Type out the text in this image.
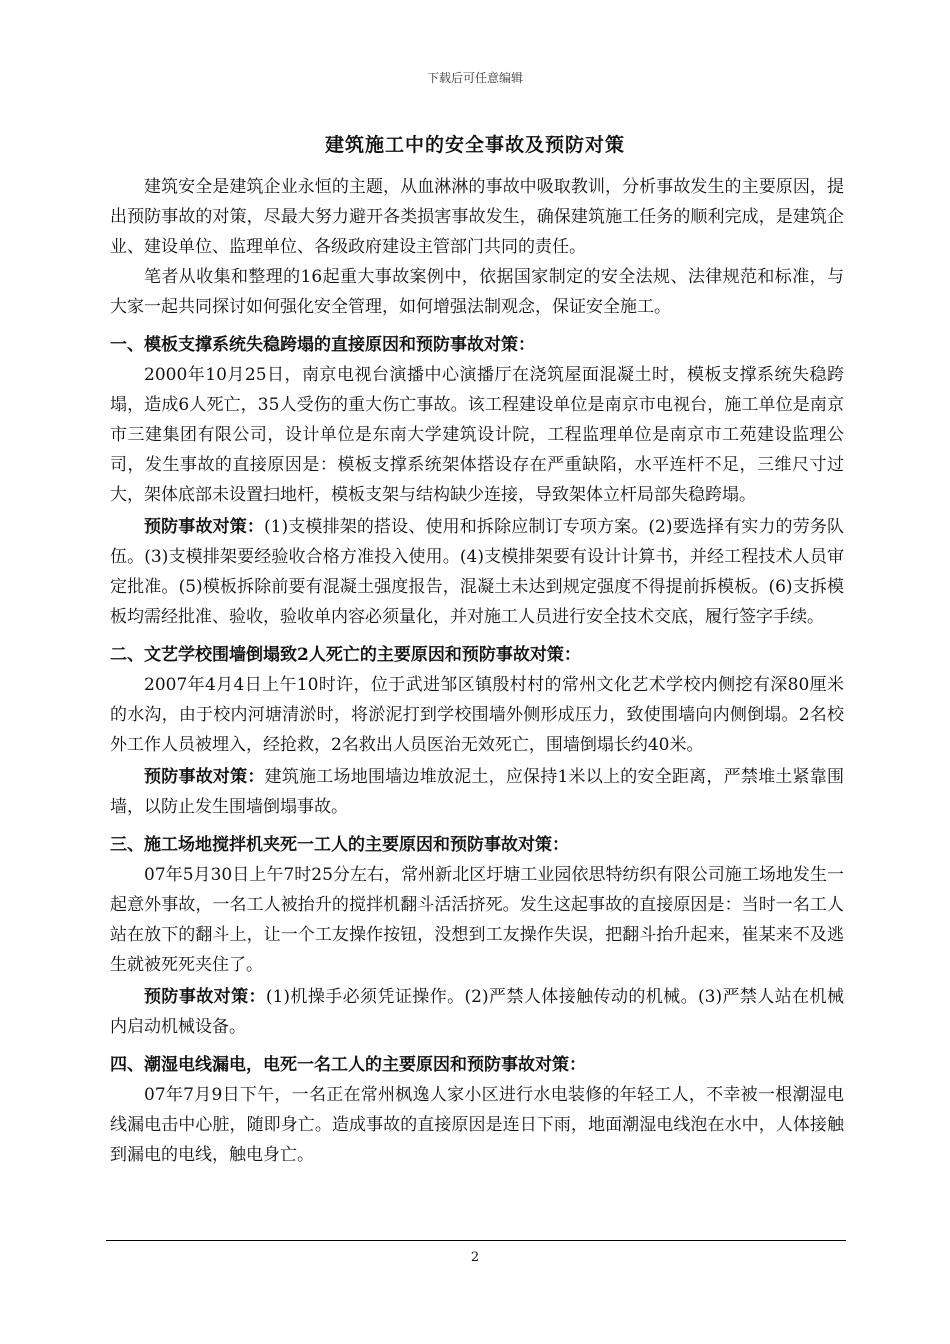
下载后可任意编辑
建筑施工中的安全事故及预防对策

建筑安全是建筑企业永恒的主题，从血淋淋的事故中吸取教训，分析事故发生的主要原因，提出预防事故的对策，尽最大努力避开各类损害事故发生，确保建筑施工任务的顺利完成，是建筑企业、建设单位、监理单位、各级政府建设主管部门共同的责任。

笔者从收集和整理的16起重大事故案例中，依据国家制定的安全法规、法律规范和标准，与大家一起共同探讨如何强化安全管理，如何增强法制观念，保证安全施工。

一、模板支撑系统失稳跨塌的直接原因和预防事故对策：

2000年10月25日，南京电视台演播中心演播厅在浇筑屋面混凝土时，模板支撑系统失稳跨塌，造成6人死亡，35人受伤的重大伤亡事故。该工程建设单位是南京市电视台，施工单位是南京市三建集团有限公司，设计单位是东南大学建筑设计院，工程监理单位是南京市工苑建设监理公司，发生事故的直接原因是：模板支撑系统架体搭设存在严重缺陷，水平连杆不足，三维尺寸过大，架体底部未设置扫地杆，模板支架与结构缺少连接，导致架体立杆局部失稳跨塌。

预防事故对策：(1)支模排架的搭设、使用和拆除应制订专项方案。(2)要选择有实力的劳务队伍。(3)支模排架要经验收合格方准投入使用。(4)支模排架要有设计计算书，并经工程技术人员审定批准。(5)模板拆除前要有混凝土强度报告，混凝土未达到规定强度不得提前拆模板。(6)支拆模板均需经批准、验收，验收单内容必须量化，并对施工人员进行安全技术交底，履行签字手续。

二、文艺学校围墙倒塌致2人死亡的主要原因和预防事故对策：

2007年4月4日上午10时许，位于武进邹区镇殷村村的常州文化艺术学校内侧挖有深80厘米的水沟，由于校内河塘清淤时，将淤泥打到学校围墙外侧形成压力，致使围墙向内侧倒塌。2名校外工作人员被埋入，经抢救，2名救出人员医治无效死亡，围墙倒塌长约40米。

预防事故对策：建筑施工场地围墙边堆放泥土，应保持1米以上的安全距离，严禁堆土紧靠围墙，以防止发生围墙倒塌事故。

三、施工场地搅拌机夹死一工人的主要原因和预防事故对策：

07年5月30日上午7时25分左右，常州新北区圩塘工业园依思特纺织有限公司施工场地发生一起意外事故，一名工人被抬升的搅拌机翻斗活活挤死。发生这起事故的直接原因是：当时一名工人站在放下的翻斗上，让一个工友操作按钮，没想到工友操作失误，把翻斗抬升起来，崔某来不及逃生就被死死夹住了。

预防事故对策：(1)机操手必须凭证操作。(2)严禁人体接触传动的机械。(3)严禁人站在机械内启动机械设备。

四、潮湿电线漏电，电死一名工人的主要原因和预防事故对策：

07年7月9日下午，一名正在常州枫逸人家小区进行水电装修的年轻工人，不幸被一根潮湿电线漏电击中心脏，随即身亡。造成事故的直接原因是连日下雨，地面潮湿电线泡在水中，人体接触到漏电的电线，触电身亡。

2
